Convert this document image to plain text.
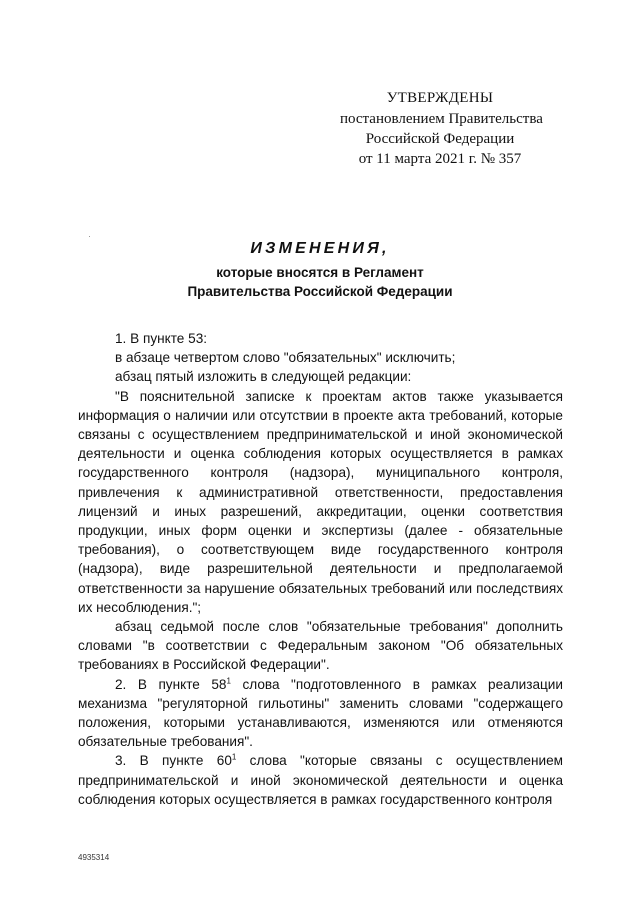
УТВЕРЖДЕНЫ
постановлением Правительства
Российской Федерации
от 11 марта 2021 г. № 357
ИЗМЕНЕНИЯ,
которые вносятся в Регламент
Правительства Российской Федерации

1. В пункте 53:

в абзаце четвертом слово "обязательных" исключить;

абзац пятый изложить в следующей редакции:

"В пояснительной записке к проектам актов также указывается информация о наличии или отсутствии в проекте акта требований, которые связаны с осуществлением предпринимательской и иной экономической деятельности и оценка соблюдения которых осуществляется в рамках государственного контроля (надзора), муниципального контроля, привлечения к административной ответственности, предоставления лицензий и иных разрешений, аккредитации, оценки соответствия продукции, иных форм оценки и экспертизы (далее - обязательные требования), о соответствующем виде государственного контроля (надзора), виде разрешительной деятельности и предполагаемой ответственности за нарушение обязательных требований или последствиях их несоблюдения.";

абзац седьмой после слов "обязательные требования" дополнить словами "в соответствии с Федеральным законом "Об обязательных требованиях в Российской Федерации".

2. В пункте $58^1$ слова "подготовленного в рамках реализации механизма "регуляторной гильотины" заменить словами "содержащего положения, которыми устанавливаются, изменяются или отменяются обязательные требования".

3. В пункте $60^1$ слова "которые связаны с осуществлением предпринимательской и иной экономической деятельности и оценка соблюдения которых осуществляется в рамках государственного контроля

4935314
